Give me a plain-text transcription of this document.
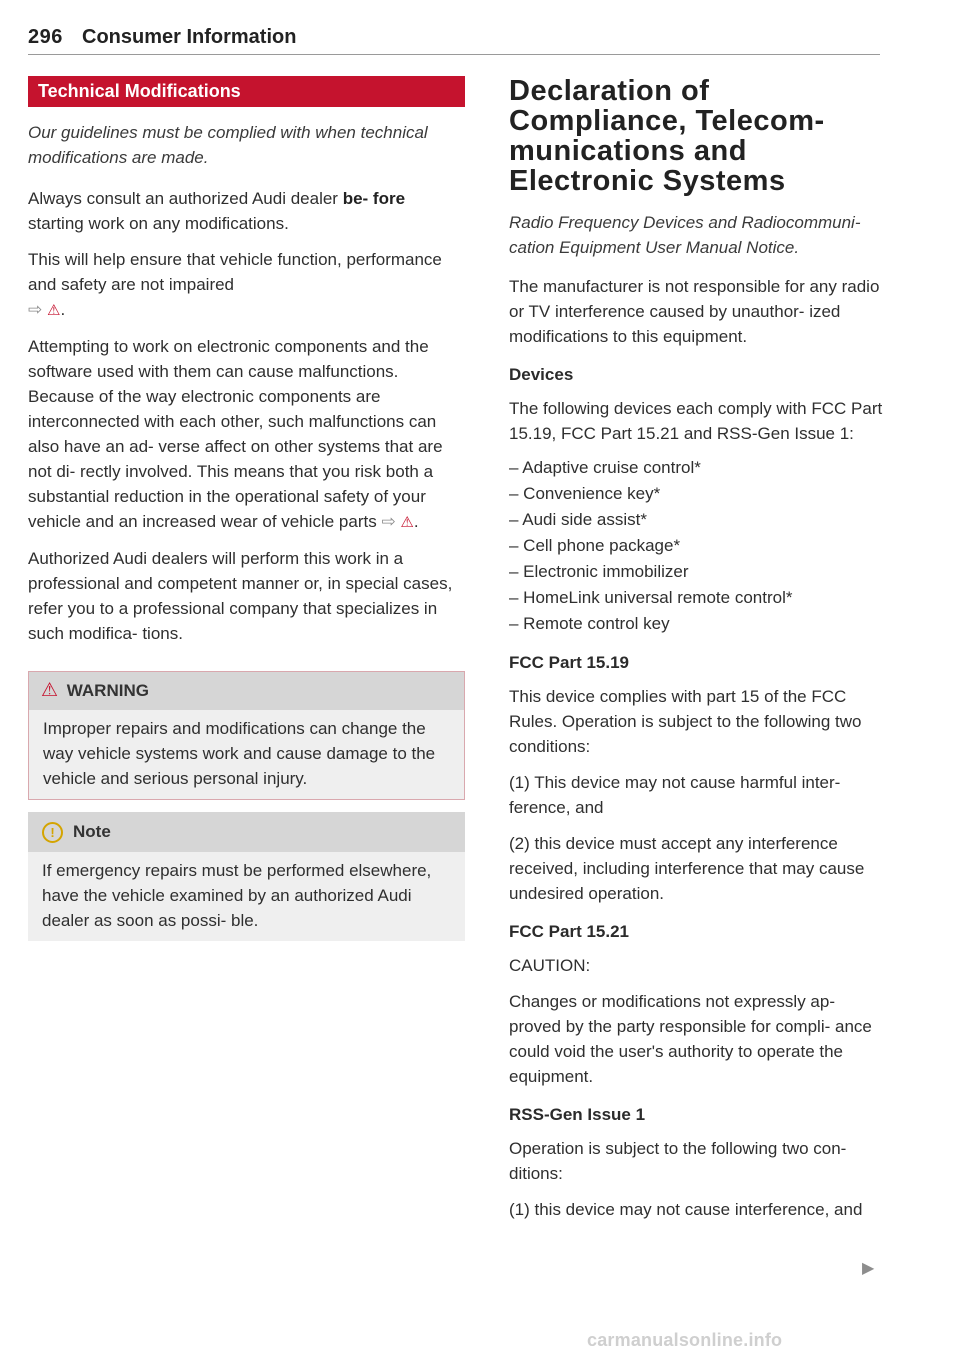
296 Consumer Information
Technical Modifications

Our guidelines must be complied with when technical modifications are made.

Always consult an authorized Audi dealer be- fore starting work on any modifications.

This will help ensure that vehicle function, performance and safety are not impaired
⇨ ⚠.

Attempting to work on electronic components and the software used with them can cause malfunctions. Because of the way electronic components are interconnected with each other, such malfunctions can also have an ad- verse affect on other systems that are not di- rectly involved. This means that you risk both a substantial reduction in the operational safety of your vehicle and an increased wear of vehicle parts ⇨ ⚠.

Authorized Audi dealers will perform this work in a professional and competent manner or, in special cases, refer you to a professional company that specializes in such modifica- tions.

⚠ WARNING

Improper repairs and modifications can change the way vehicle systems work and cause damage to the vehicle and serious personal injury.

! Note

If emergency repairs must be performed elsewhere, have the vehicle examined by an authorized Audi dealer as soon as possi- ble.

Declaration of Compliance, Telecom- munications and Electronic Systems

Radio Frequency Devices and Radiocommuni- cation Equipment User Manual Notice.

The manufacturer is not responsible for any radio or TV interference caused by unauthor- ized modifications to this equipment.

Devices

The following devices each comply with FCC Part 15.19, FCC Part 15.21 and RSS-Gen Issue 1:

– Adaptive cruise control*
– Convenience key*
– Audi side assist*
– Cell phone package*
– Electronic immobilizer
– HomeLink universal remote control*
– Remote control key
FCC Part 15.19

This device complies with part 15 of the FCC Rules. Operation is subject to the following two conditions:

(1) This device may not cause harmful inter- ference, and

(2) this device must accept any interference received, including interference that may cause undesired operation.

FCC Part 15.21

CAUTION:

Changes or modifications not expressly ap- proved by the party responsible for compli- ance could void the user's authority to operate the equipment.

RSS-Gen Issue 1

Operation is subject to the following two con- ditions:

(1) this device may not cause interference, and

▶
carmanualsonline.info
